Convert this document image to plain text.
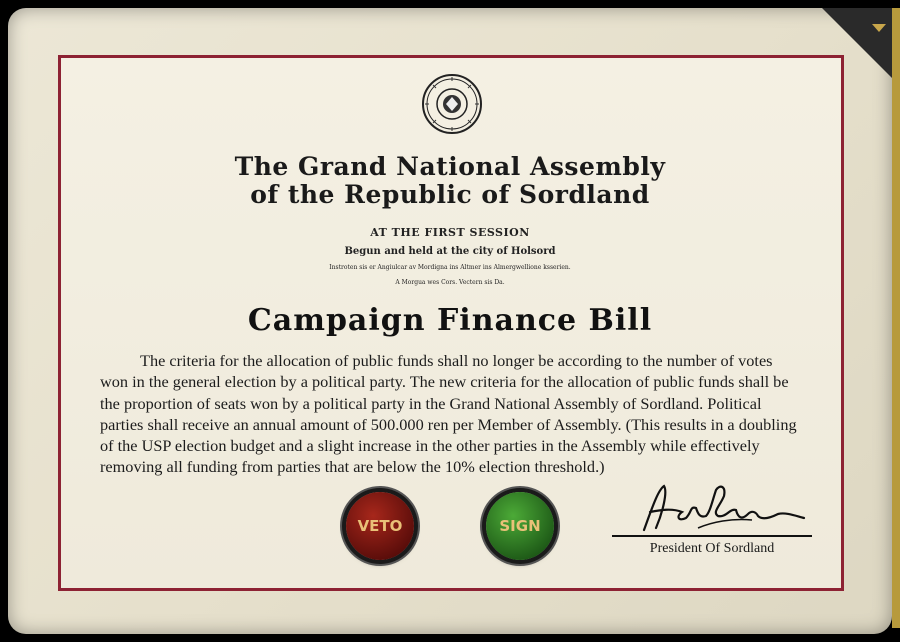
The Grand National Assembly
of the Republic of Sordland
AT THE FIRST SESSION
Begun and held at the city of Holsord
Instroten sis er Angiulcar av Mordigna ins Altmer ins Almergwellione ksserien.
A Morgua wes Cors. Vectern sis Da.
Campaign Finance Bill
The criteria for the allocation of public funds shall no longer be according to the number of votes won in the general election by a political party. The new criteria for the allocation of public funds shall be the proportion of seats won by a political party in the Grand National Assembly of Sordland. Political parties shall receive an annual amount of 500.000 ren per Member of Assembly. (This results in a doubling of the USP election budget and a slight increase in the other parties in the Assembly while effectively removing all funding from parties that are below the 10% election threshold.)
VETO	SIGN
President Of Sordland
